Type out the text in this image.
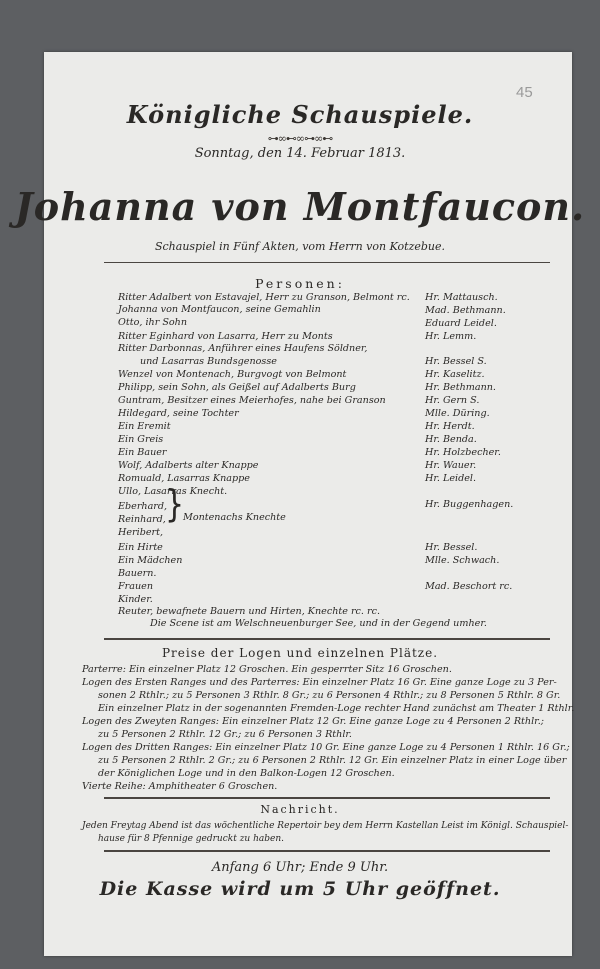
45
Königliche Schauspiele.
⊶∞⊷∞⊶∞⊷
Sonntag, den 14. Februar 1813.
Johanna von Montfaucon.
Schauspiel in Fünf Akten, vom Herrn von Kotzebue.
Personen:
Ritter Adalbert von Estavajel, Herr zu Granson, Belmont rc.
Johanna von Montfaucon, seine Gemahlin
Otto, ihr Sohn
Ritter Eginhard von Lasarra, Herr zu Monts
Ritter Darbonnas, Anführer eines Haufens Söldner,
und Lasarras Bundsgenosse
Wenzel von Montenach, Burgvogt von Belmont
Philipp, sein Sohn, als Geißel auf Adalberts Burg
Guntram, Besitzer eines Meierhofes, nahe bei Granson
Hildegard, seine Tochter
Ein Eremit
Ein Greis
Ein Bauer
Wolf, Adalberts alter Knappe
Romuald, Lasarras Knappe
Ullo, Lasarras Knecht.
Eberhard,
Reinhard,
Heribert,
}
Montenachs Knechte
Ein Hirte
Ein Mädchen
Bauern.
Frauen
Kinder.
Reuter, bewafnete Bauern und Hirten, Knechte rc. rc.
Die Scene ist am Welschneuenburger See, und in der Gegend umher.
Hr. Mattausch.
Mad. Bethmann.
Eduard Leidel.
Hr. Lemm.
Hr. Bessel S.
Hr. Kaselitz.
Hr. Bethmann.
Hr. Gern S.
Mlle. Düring.
Hr. Herdt.
Hr. Benda.
Hr. Holzbecher.
Hr. Wauer.
Hr. Leidel.
Hr. Buggenhagen.
Hr. Bessel.
Mlle. Schwach.
Mad. Beschort rc.
Preise der Logen und einzelnen Plätze.
Parterre: Ein einzelner Platz 12 Groschen. Ein gesperrter Sitz 16 Groschen.
Logen des Ersten Ranges und des Parterres: Ein einzelner Platz 16 Gr. Eine ganze Loge zu 3 Per-
sonen 2 Rthlr.; zu 5 Personen 3 Rthlr. 8 Gr.; zu 6 Personen 4 Rthlr.; zu 8 Personen 5 Rthlr. 8 Gr.
Ein einzelner Platz in der sogenannten Fremden-Loge rechter Hand zunächst am Theater 1 Rthlr.
Logen des Zweyten Ranges: Ein einzelner Platz 12 Gr. Eine ganze Loge zu 4 Personen 2 Rthlr.;
zu 5 Personen 2 Rthlr. 12 Gr.; zu 6 Personen 3 Rthlr.
Logen des Dritten Ranges: Ein einzelner Platz 10 Gr. Eine ganze Loge zu 4 Personen 1 Rthlr. 16 Gr.;
zu 5 Personen 2 Rthlr. 2 Gr.; zu 6 Personen 2 Rthlr. 12 Gr. Ein einzelner Platz in einer Loge über
der Königlichen Loge und in den Balkon-Logen 12 Groschen.
Vierte Reihe: Amphitheater 6 Groschen.
Nachricht.
Jeden Freytag Abend ist das wöchentliche Repertoir bey dem Herrn Kastellan Leist im Königl. Schauspiel-
hause für 8 Pfennige gedruckt zu haben.
Anfang 6 Uhr; Ende 9 Uhr.
Die Kasse wird um 5 Uhr geöffnet.
